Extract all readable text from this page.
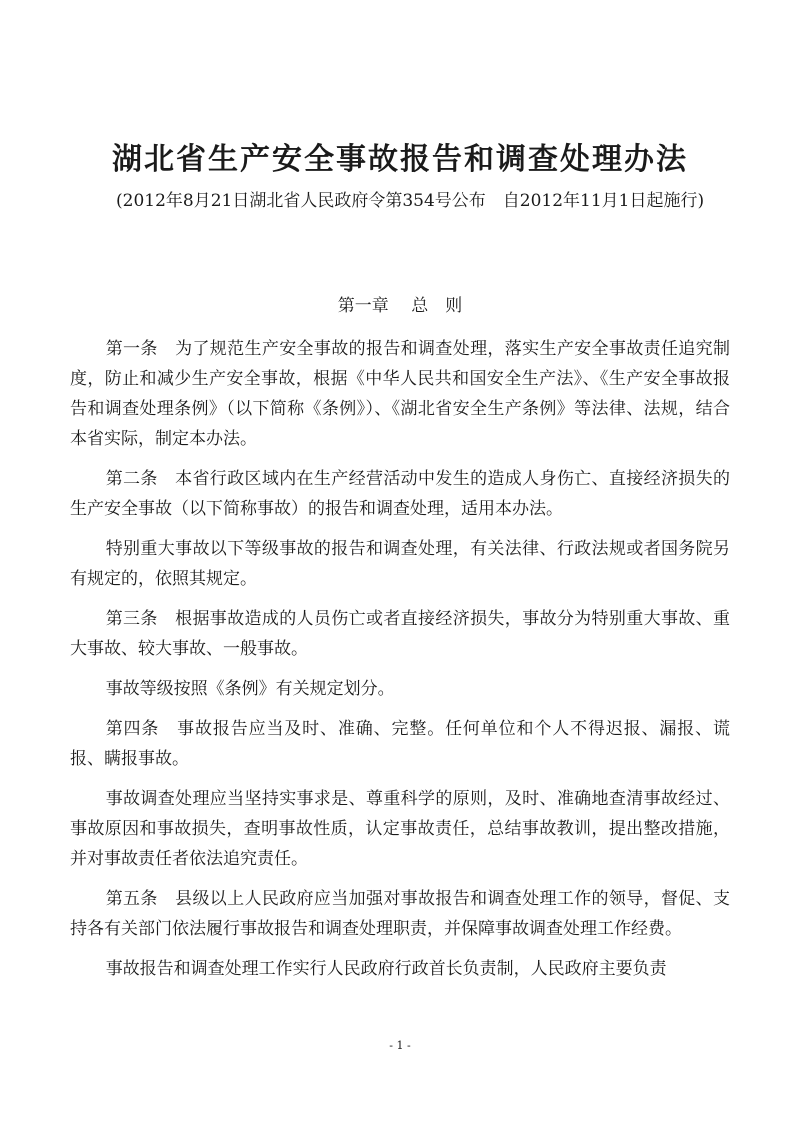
湖北省生产安全事故报告和调查处理办法

(2012年8月21日湖北省人民政府令第354号公布　自2012年11月1日起施行)

第一章　 总　则

第一条　为了规范生产安全事故的报告和调查处理，落实生产安全事故责任追究制度，防止和减少生产安全事故，根据《中华人民共和国安全生产法》、《生产安全事故报告和调查处理条例》（以下简称《条例》）、《湖北省安全生产条例》等法律、法规，结合本省实际，制定本办法。

第二条　本省行政区域内在生产经营活动中发生的造成人身伤亡、直接经济损失的生产安全事故（以下简称事故）的报告和调查处理，适用本办法。

特别重大事故以下等级事故的报告和调查处理，有关法律、行政法规或者国务院另有规定的，依照其规定。

第三条　根据事故造成的人员伤亡或者直接经济损失，事故分为特别重大事故、重大事故、较大事故、一般事故。

事故等级按照《条例》有关规定划分。

第四条　事故报告应当及时、准确、完整。任何单位和个人不得迟报、漏报、谎报、瞒报事故。

事故调查处理应当坚持实事求是、尊重科学的原则，及时、准确地查清事故经过、事故原因和事故损失，查明事故性质，认定事故责任，总结事故教训，提出整改措施，并对事故责任者依法追究责任。

第五条　县级以上人民政府应当加强对事故报告和调查处理工作的领导，督促、支持各有关部门依法履行事故报告和调查处理职责，并保障事故调查处理工作经费。

事故报告和调查处理工作实行人民政府行政首长负责制，人民政府主要负责

- 1 -
